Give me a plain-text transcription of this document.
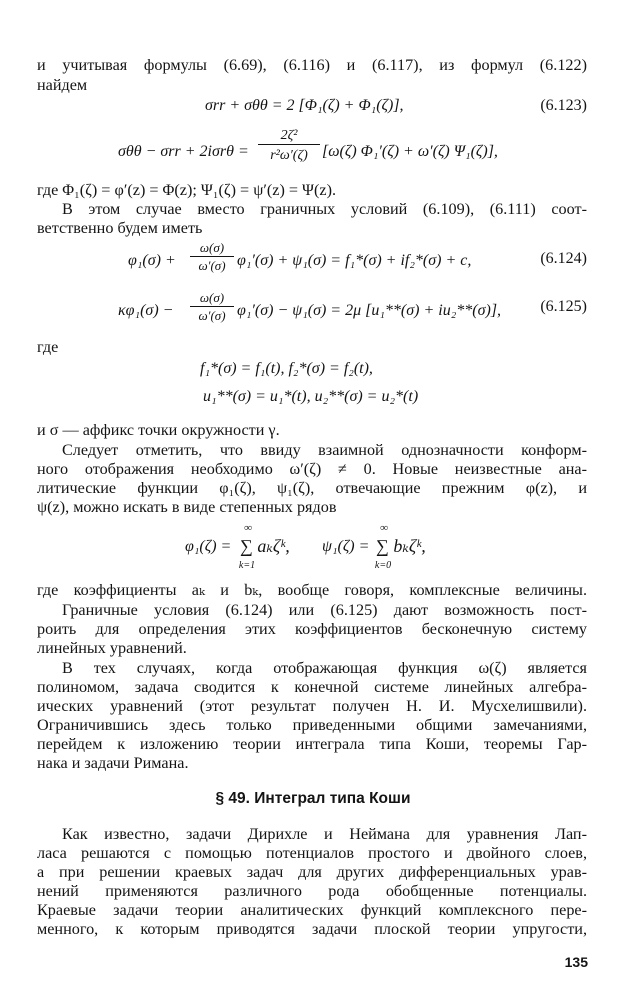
и учитывая формулы (6.69), (6.116) и (6.117), из формул (6.122)
найдем
σrr + σθθ = 2 [Φ₁(ζ) + Φ₁(ζ)],	(6.123)
σθθ − σrr + 2iσrθ =
2ζ²
r²ω′(ζ) [ω(ζ) Φ₁′(ζ) + ω′(ζ) Ψ₁(ζ)],
где Φ₁(ζ) = φ′(z) = Φ(z); Ψ₁(ζ) = ψ′(z) = Ψ(z).
В этом случае вместо граничных условий (6.109), (6.111) соот-
ветственно будем иметь
φ₁(σ) +
ω(σ)
ω′(σ) φ₁′(σ) + ψ₁(σ) = f₁*(σ) + if₂*(σ) + c,	(6.124)
κφ₁(σ) −
ω(σ)
ω′(σ) φ₁′(σ) − ψ₁(σ) = 2μ [u₁**(σ) + iu₂**(σ)], (6.125)
где
f₁*(σ) = f₁(t), f₂*(σ) = f₂(t),
u₁**(σ) = u₁*(t), u₂**(σ) = u₂*(t)
и σ — аффикс точки окружности γ.
Следует отметить, что ввиду взаимной однозначности конформ-
ного отображения необходимо ω′(ζ) ≠ 0. Новые неизвестные ана-
литические функции φ₁(ζ), ψ₁(ζ), отвечающие прежним φ(z), и
ψ(z), можно искать в виде степенных рядов
φ₁(ζ) =
∞
∑ aₖζᵏ,
k=1
ψ₁(ζ) =
∞
∑ bₖζᵏ,
k=0
где коэффициенты aₖ и bₖ, вообще говоря, комплексные величины.
Граничные условия (6.124) или (6.125) дают возможность пост-
роить для определения этих коэффициентов бесконечную систему
линейных уравнений.
В тех случаях, когда отображающая функция ω(ζ) является
полиномом, задача сводится к конечной системе линейных алгебра-
ических уравнений (этот результат получен Н. И. Мусхелишвили).
Ограничившись здесь только приведенными общими замечаниями,
перейдем к изложению теории интеграла типа Коши, теоремы Гар-
нака и задачи Римана.
§ 49. Интеграл типа Коши
Как известно, задачи Дирихле и Неймана для уравнения Лап-
ласа решаются с помощью потенциалов простого и двойного слоев,
а при решении краевых задач для других дифференциальных урав-
нений применяются различного рода обобщенные потенциалы.
Краевые задачи теории аналитических функций комплексного пере-
менного, к которым приводятся задачи плоской теории упругости,
135
